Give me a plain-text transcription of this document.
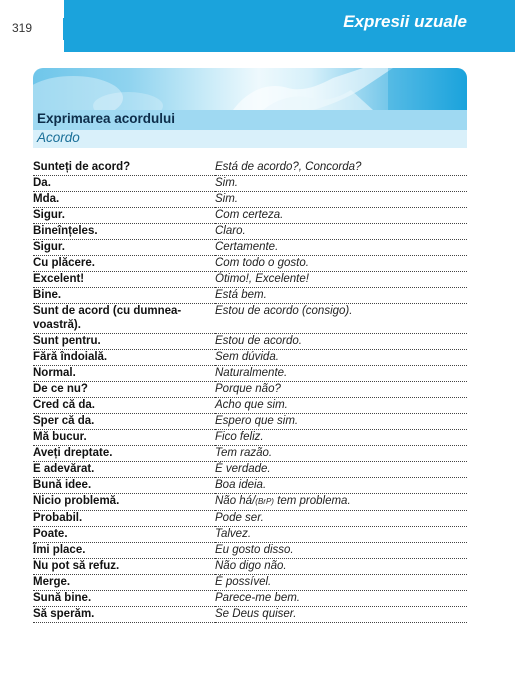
319	Expresii uzuale
Exprimarea acordului
Acordo
Sunteți de acord?	Está de acordo?, Concorda?
Da.	Sim.
Mda.	Sim.
Sigur.	Com certeza.
Bineînțeles.	Claro.
Sigur.	Certamente.
Cu plăcere.	Com todo o gosto.
Excelent!	Ótimo!, Excelente!
Bine.	Está bem.
Sunt de acord (cu dumnea-voastră).	Estou de acordo (consigo).
Sunt pentru.	Estou de acordo.
Fără îndoială.	Sem dúvida.
Normal.	Naturalmente.
De ce nu?	Porque não?
Cred că da.	Acho que sim.
Sper că da.	Espero que sim.
Mă bucur.	Fico feliz.
Aveți dreptate.	Tem razão.
E adevărat.	É verdade.
Bună idee.	Boa ideia.
Nicio problemă.	Não há/(BrP) tem problema.
Probabil.	Pode ser.
Poate.	Talvez.
Îmi place.	Eu gosto disso.
Nu pot să refuz.	Não digo não.
Merge.	É possível.
Sună bine.	Parece-me bem.
Să sperăm.	Se Deus quiser.
